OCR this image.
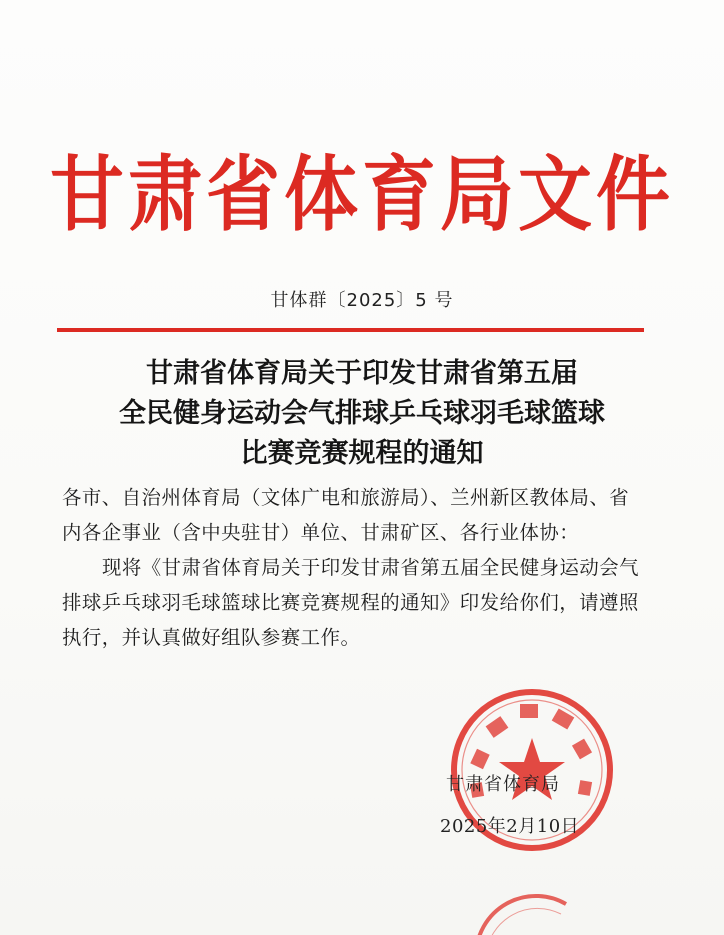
甘肃省体育局文件
甘体群〔2025〕5 号
甘肃省体育局关于印发甘肃省第五届
全民健身运动会气排球乒乓球羽毛球篮球
比赛竞赛规程的通知

各市、自治州体育局（文体广电和旅游局）、兰州新区教体局、省内各企事业（含中央驻甘）单位、甘肃矿区、各行业体协：

现将《甘肃省体育局关于印发甘肃省第五届全民健身运动会气排球乒乓球羽毛球篮球比赛竞赛规程的通知》印发给你们，请遵照执行，并认真做好组队参赛工作。

甘肃省体育局
2025年2月10日
